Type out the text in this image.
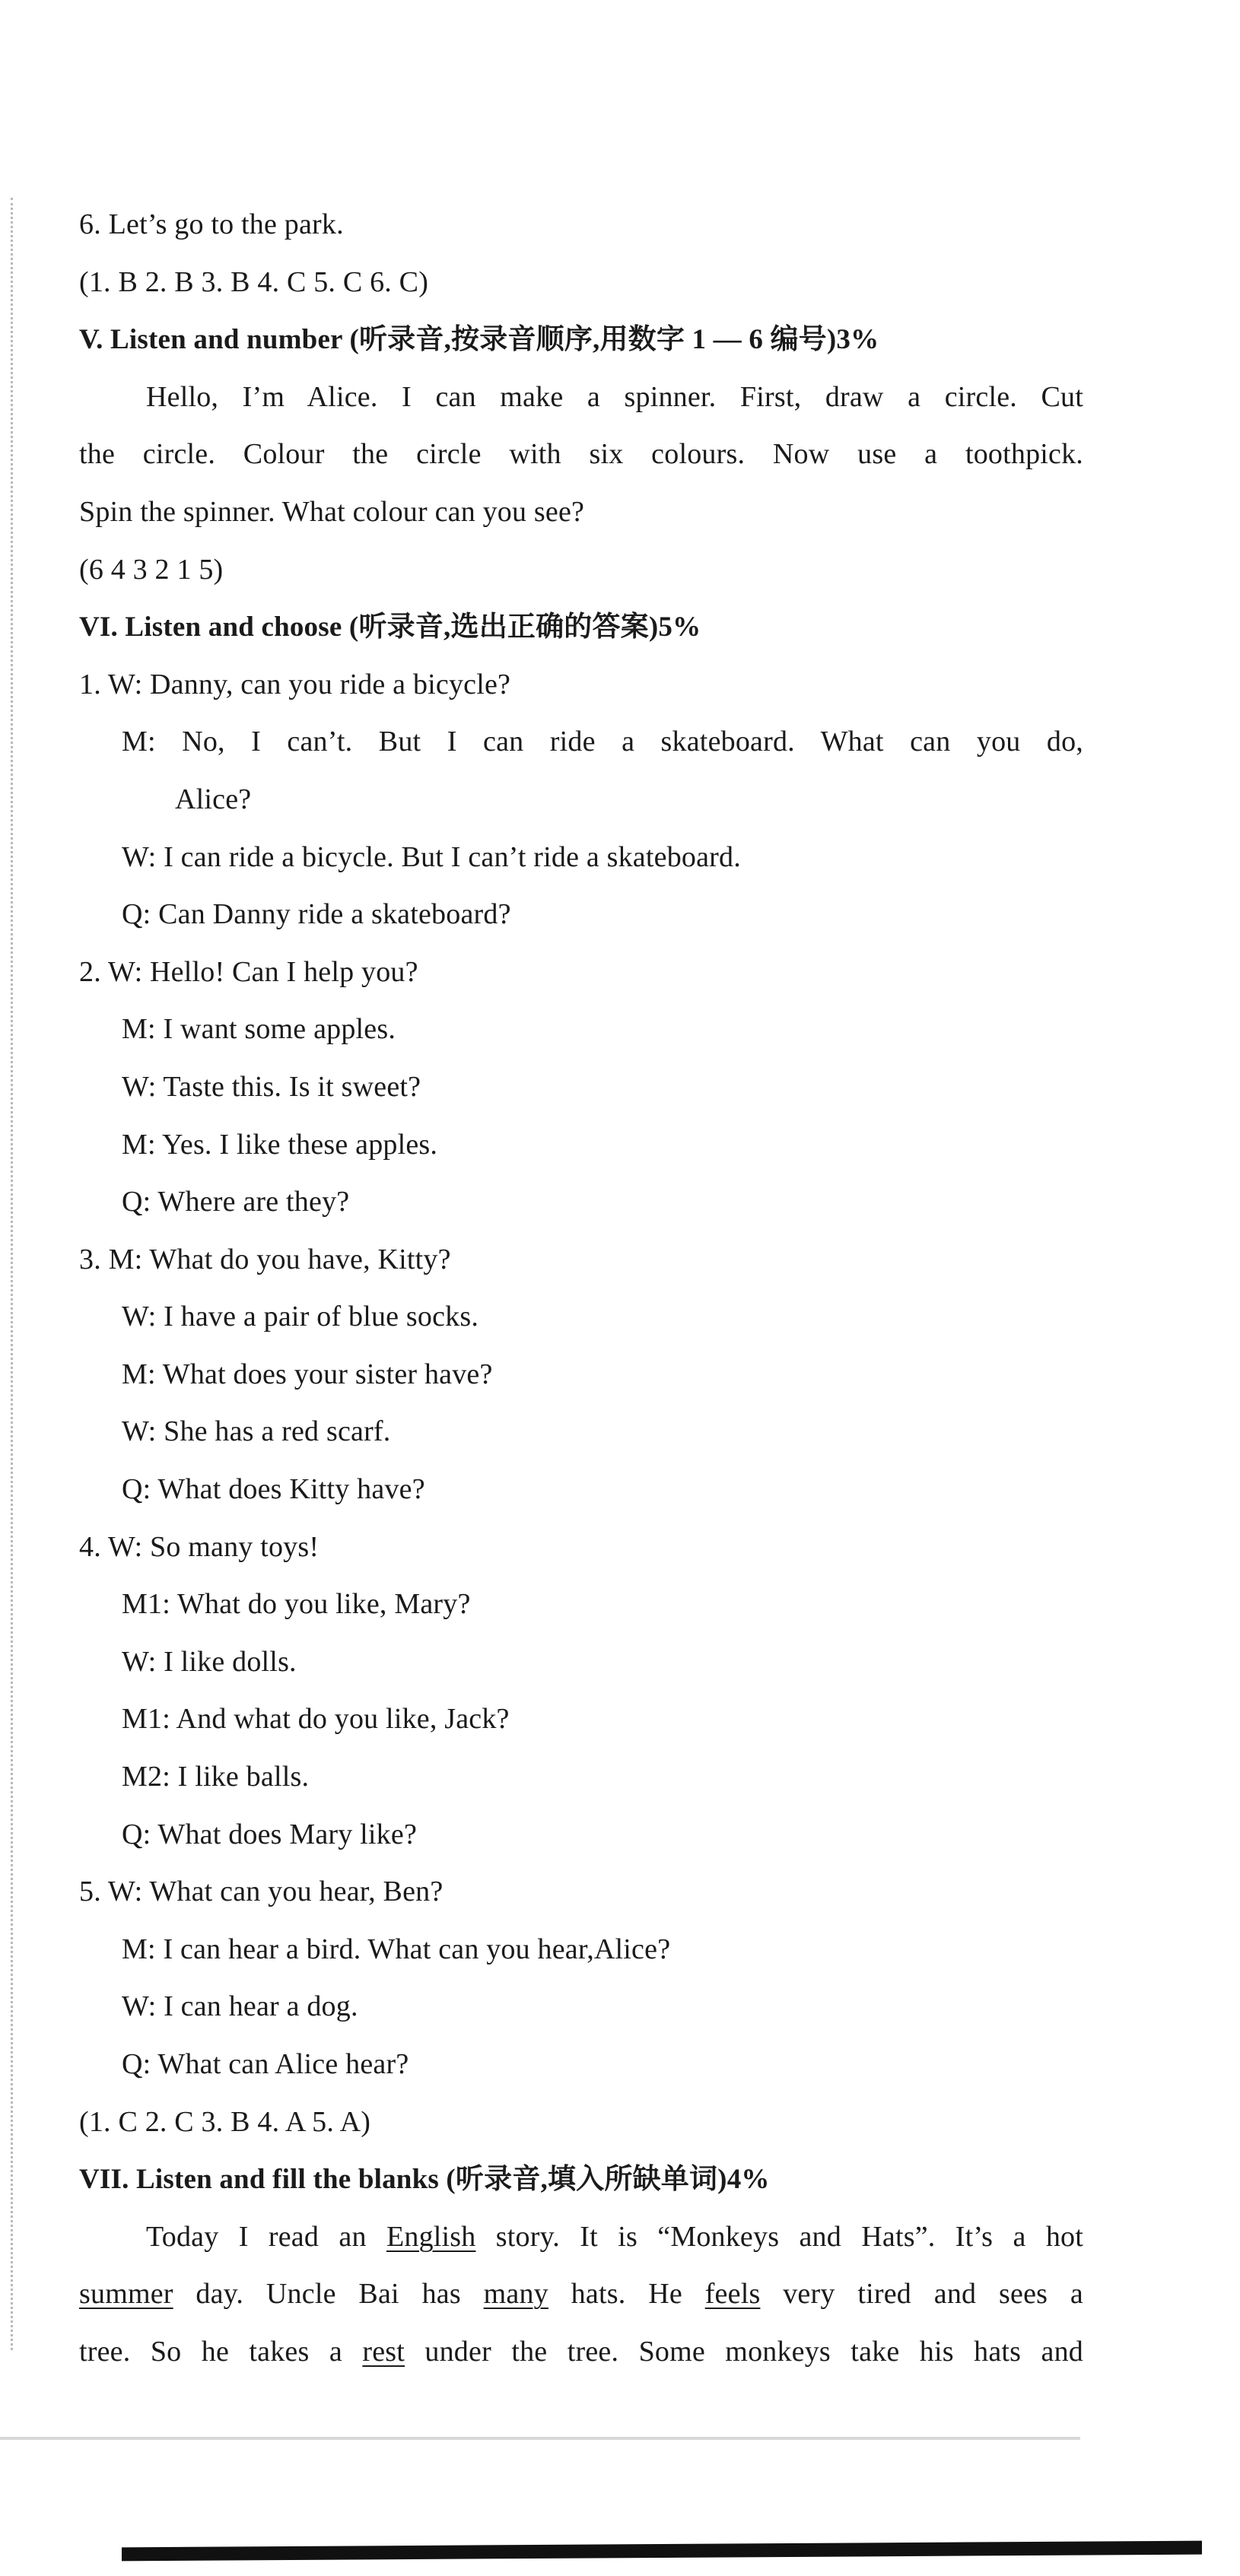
6. Let’s go to the park.
(1. B 2. B 3. B 4. C 5. C 6. C)
V. Listen and number (听录音,按录音顺序,用数字 1 — 6 编号)3%
Hello, I’m Alice. I can make a spinner. First, draw a circle. Cut
the circle. Colour the circle with six colours. Now use a toothpick.
Spin the spinner. What colour can you see?
(6 4 3 2 1 5)
VI. Listen and choose (听录音,选出正确的答案)5%
1. W: Danny, can you ride a bicycle?
M: No, I can’t. But I can ride a skateboard. What can you do,
Alice?
W: I can ride a bicycle. But I can’t ride a skateboard.
Q: Can Danny ride a skateboard?
2. W: Hello! Can I help you?
M: I want some apples.
W: Taste this. Is it sweet?
M: Yes. I like these apples.
Q: Where are they?
3. M: What do you have, Kitty?
W: I have a pair of blue socks.
M: What does your sister have?
W: She has a red scarf.
Q: What does Kitty have?
4. W: So many toys!
M1: What do you like, Mary?
W: I like dolls.
M1: And what do you like, Jack?
M2: I like balls.
Q: What does Mary like?
5. W: What can you hear, Ben?
M: I can hear a bird. What can you hear,Alice?
W: I can hear a dog.
Q: What can Alice hear?
(1. C 2. C 3. B 4. A 5. A)
VII. Listen and fill the blanks (听录音,填入所缺单词)4%
Today I read an English story. It is “Monkeys and Hats”. It’s a hot
summer day. Uncle Bai has many hats. He feels very tired and sees a
tree. So he takes a rest under the tree. Some monkeys take his hats and
